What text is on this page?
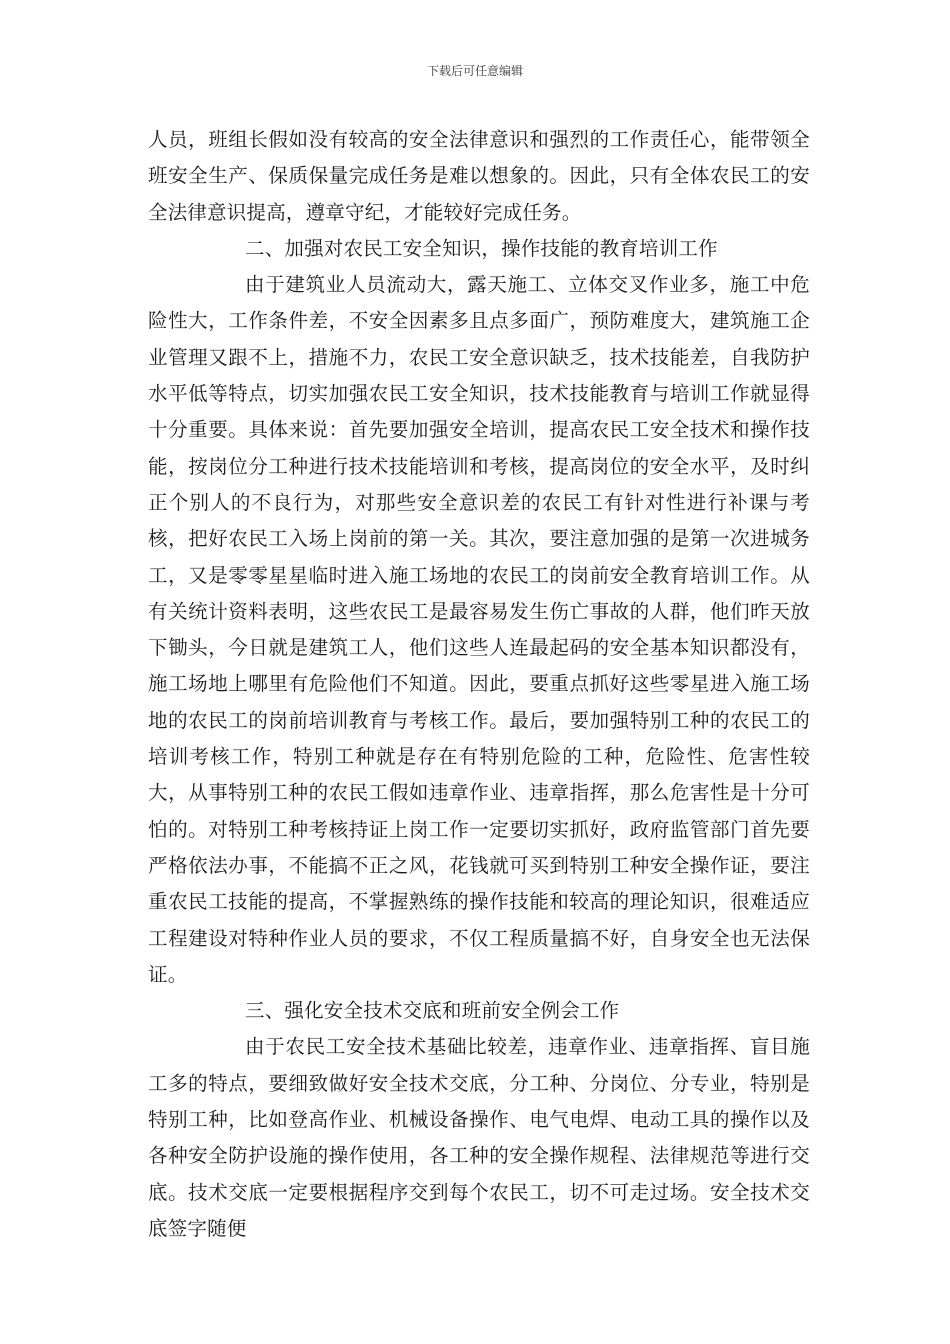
下载后可任意编辑

人员，班组长假如没有较高的安全法律意识和强烈的工作责任心，能带领全班安全生产、保质保量完成任务是难以想象的。因此，只有全体农民工的安全法律意识提高，遵章守纪，才能较好完成任务。

二、加强对农民工安全知识，操作技能的教育培训工作

由于建筑业人员流动大，露天施工、立体交叉作业多，施工中危险性大，工作条件差，不安全因素多且点多面广，预防难度大，建筑施工企业管理又跟不上，措施不力，农民工安全意识缺乏，技术技能差，自我防护水平低等特点，切实加强农民工安全知识，技术技能教育与培训工作就显得十分重要。具体来说：首先要加强安全培训，提高农民工安全技术和操作技能，按岗位分工种进行技术技能培训和考核，提高岗位的安全水平，及时纠正个别人的不良行为，对那些安全意识差的农民工有针对性进行补课与考核，把好农民工入场上岗前的第一关。其次，要注意加强的是第一次进城务工，又是零零星星临时进入施工场地的农民工的岗前安全教育培训工作。从有关统计资料表明，这些农民工是最容易发生伤亡事故的人群，他们昨天放下锄头，今日就是建筑工人，他们这些人连最起码的安全基本知识都没有，施工场地上哪里有危险他们不知道。因此，要重点抓好这些零星进入施工场地的农民工的岗前培训教育与考核工作。最后，要加强特别工种的农民工的培训考核工作，特别工种就是存在有特别危险的工种，危险性、危害性较大，从事特别工种的农民工假如违章作业、违章指挥，那么危害性是十分可怕的。对特别工种考核持证上岗工作一定要切实抓好，政府监管部门首先要严格依法办事，不能搞不正之风，花钱就可买到特别工种安全操作证，要注重农民工技能的提高，不掌握熟练的操作技能和较高的理论知识，很难适应工程建设对特种作业人员的要求，不仅工程质量搞不好，自身安全也无法保证。

三、强化安全技术交底和班前安全例会工作

由于农民工安全技术基础比较差，违章作业、违章指挥、盲目施工多的特点，要细致做好安全技术交底，分工种、分岗位、分专业，特别是特别工种，比如登高作业、机械设备操作、电气电焊、电动工具的操作以及各种安全防护设施的操作使用，各工种的安全操作规程、法律规范等进行交底。技术交底一定要根据程序交到每个农民工，切不可走过场。安全技术交底签字随便
